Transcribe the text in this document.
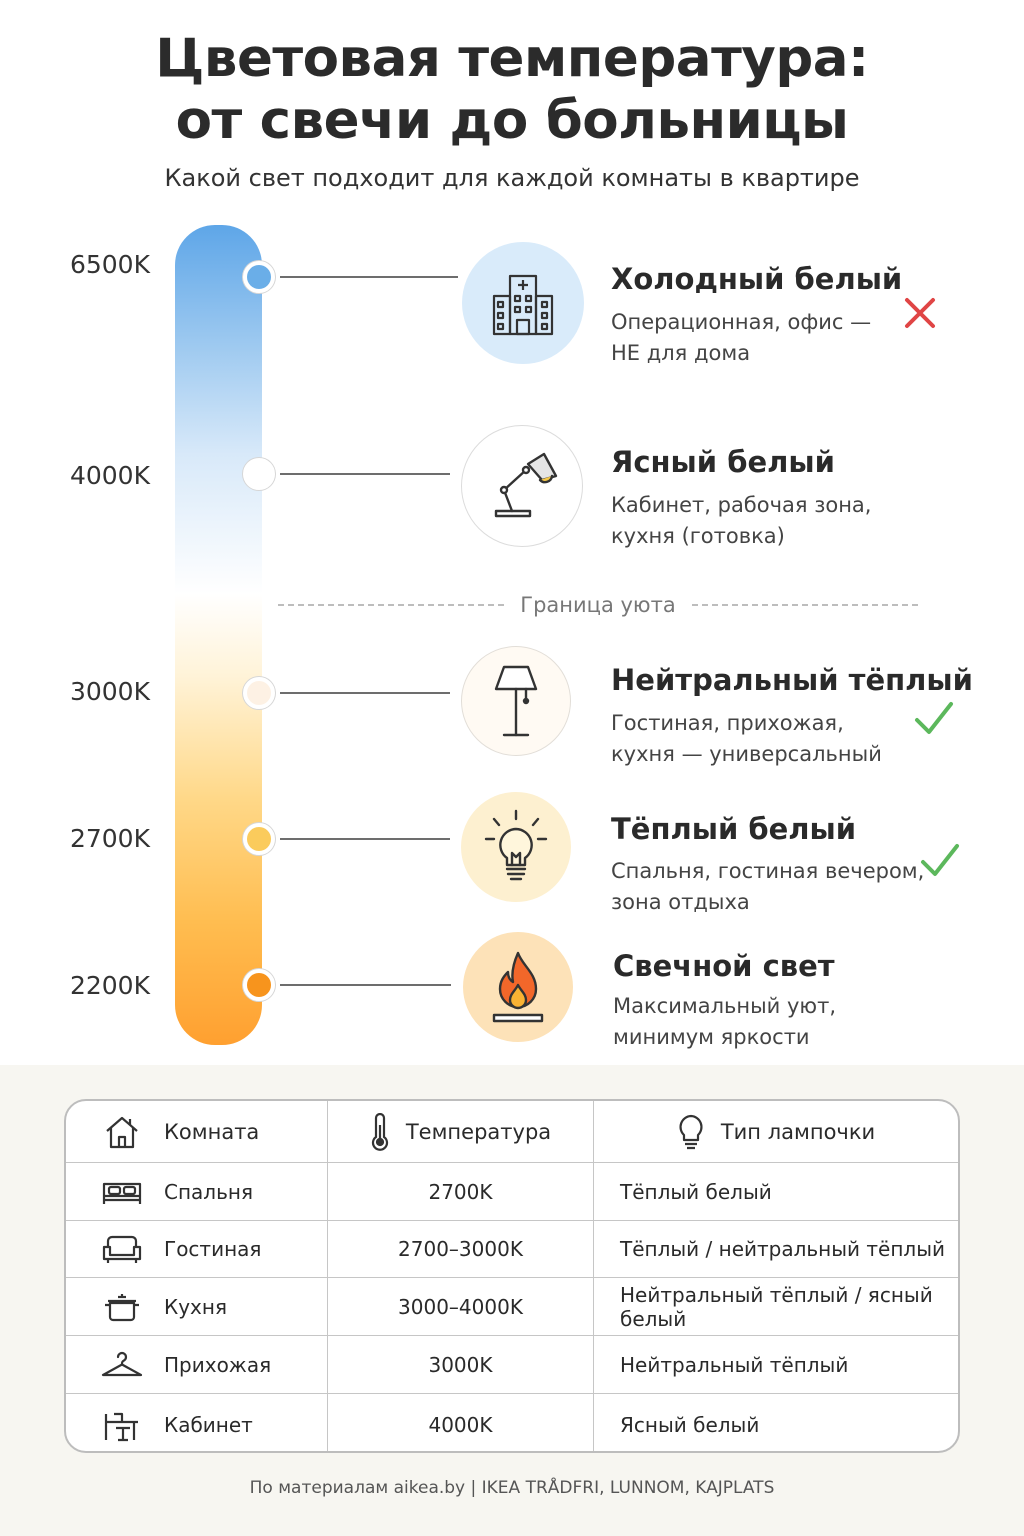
Цветовая температура:
от свечи до больницы
Какой свет подходит для каждой комнаты в квартире
6500K	Холодный белый
Операционная, офис —
НЕ для дома
4000K	Ясный белый
Кабинет, рабочая зона,
кухня (готовка)
Граница уюта
3000K	Нейтральный тёплый
Гостиная, прихожая,
кухня — универсальный
2700K	Тёплый белый
Спальня, гостиная вечером,
зона отдыха
2200K
Свечной свет
Максимальный уют,
минимум яркости
Комната	Температура	Тип лампочки
Спальня	2700K	Тёплый белый
Гостиная	2700–3000K	Тёплый / нейтральный тёплый
Кухня	3000–4000K	Нейтральный тёплый / ясный белый
Прихожая	3000K	Нейтральный тёплый
Кабинет	4000K	Ясный белый
По материалам aikea.by | IKEA TRÅDFRI, LUNNOM, KAJPLATS
